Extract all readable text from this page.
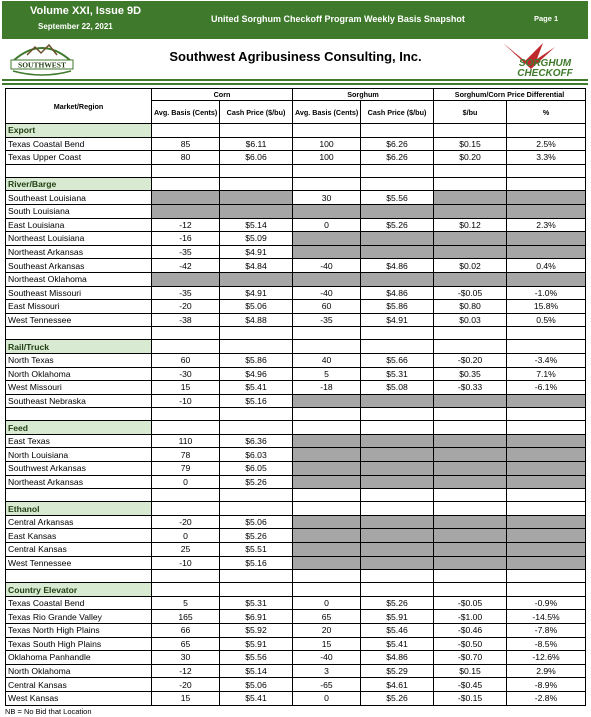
Volume XXI, Issue 9D
September 22, 2021
United Sorghum Checkoff Program Weekly Basis Snapshot	Page 1
SOUTHWEST
Southwest Agribusiness Consulting, Inc.	SORGHUM
CHECKOFF
Market/Region	Corn		Sorghum		Sorghum/Corn Price Differential	
	Avg. Basis (Cents)	Cash Price ($/bu)	Avg. Basis (Cents)	Cash Price ($/bu)	$/bu	%
Export						
Texas Coastal Bend	85	$6.11	100	$6.26	$0.15	2.5%
Texas Upper Coast	80	$6.06	100	$6.26	$0.20	3.3%

River/Barge						
Southeast Louisiana			30	$5.56		
South Louisiana						
East Louisiana	-12	$5.14	0	$5.26	$0.12	2.3%
Northeast Louisiana	-16	$5.09				
Northeast Arkansas	-35	$4.91				
Southeast Arkansas	-42	$4.84	-40	$4.86	$0.02	0.4%
Northeast Oklahoma						
Southeast Missouri	-35	$4.91	-40	$4.86	-$0.05	-1.0%
East Missouri	-20	$5.06	60	$5.86	$0.80	15.8%
West Tennessee	-38	$4.88	-35	$4.91	$0.03	0.5%

Rail/Truck						
North Texas	60	$5.86	40	$5.66	-$0.20	-3.4%
North Oklahoma	-30	$4.96	5	$5.31	$0.35	7.1%
West Missouri	15	$5.41	-18	$5.08	-$0.33	-6.1%
Southeast Nebraska	-10	$5.16				

Feed						
East Texas	110	$6.36				
North Louisiana	78	$6.03				
Southwest Arkansas	79	$6.05				
Northeast Arkansas	0	$5.26				

Ethanol						
Central Arkansas	-20	$5.06				
East Kansas	0	$5.26				
Central Kansas	25	$5.51				
West Tennessee	-10	$5.16				

Country Elevator						
Texas Coastal Bend	5	$5.31	0	$5.26	-$0.05	-0.9%
Texas Rio Grande Valley	165	$6.91	65	$5.91	-$1.00	-14.5%
Texas North High Plains	66	$5.92	20	$5.46	-$0.46	-7.8%
Texas South High Plains	65	$5.91	15	$5.41	-$0.50	-8.5%
Oklahoma Panhandle	30	$5.56	-40	$4.86	-$0.70	-12.6%
North Oklahoma	-12	$5.14	3	$5.29	$0.15	2.9%
Central Kansas	-20	$5.06	-65	$4.61	-$0.45	-8.9%
West Kansas	15	$5.41	0	$5.26	-$0.15	-2.8%
NB = No Bid that Location
